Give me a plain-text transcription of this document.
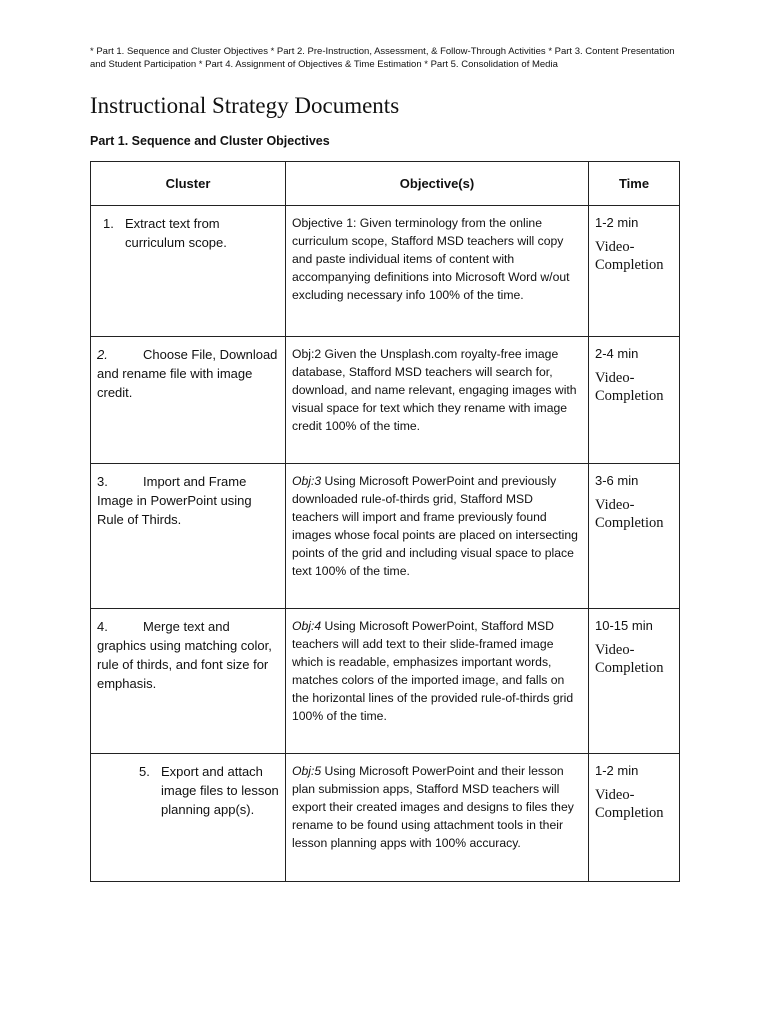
* Part 1. Sequence and Cluster Objectives * Part 2. Pre-Instruction, Assessment, & Follow-Through Activities * Part 3. Content Presentation and Student Participation * Part 4. Assignment of Objectives & Time Estimation * Part 5. Consolidation of Media
Instructional Strategy Documents
Part 1. Sequence and Cluster Objectives
Cluster	Objective(s)	Time

1. Extract text from curriculum scope.	Objective 1: Given terminology from the online curriculum scope, Stafford MSD teachers will copy and paste individual items of content with accompanying definitions into Microsoft Word w/out excluding necessary info 100% of the time.	1-2 min
Video-Completion

2. Choose File, Download and rename file with image credit.	Obj:2 Given the Unsplash.com royalty-free image database, Stafford MSD teachers will search for, download, and name relevant, engaging images with visual space for text which they rename with image credit 100% of the time.	2-4 min
Video-Completion

3. Import and Frame Image in PowerPoint using Rule of Thirds.	Obj:3 Using Microsoft PowerPoint and previously downloaded rule-of-thirds grid, Stafford MSD teachers will import and frame previously found images whose focal points are placed on intersecting points of the grid and including visual space to place text 100% of the time.	3-6 min
Video-Completion

4. Merge text and graphics using matching color, rule of thirds, and font size for emphasis.	Obj:4 Using Microsoft PowerPoint, Stafford MSD teachers will add text to their slide-framed image which is readable, emphasizes important words, matches colors of the imported image, and falls on the horizontal lines of the provided rule-of-thirds grid 100% of the time.	10-15 min
Video-Completion

5. Export and attach image files to lesson planning app(s).	Obj:5 Using Microsoft PowerPoint and their lesson plan submission apps, Stafford MSD teachers will export their created images and designs to files they rename to be found using attachment tools in their lesson planning apps with 100% accuracy.	1-2 min
Video-Completion
